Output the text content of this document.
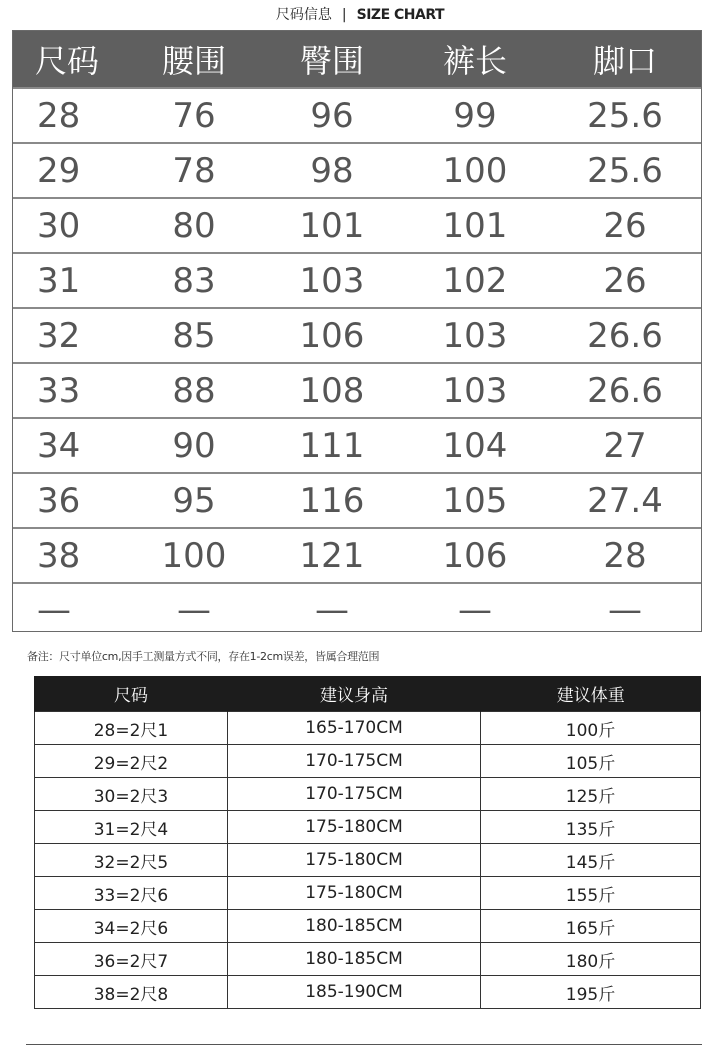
尺码信息 | SIZE CHART
尺码	腰围	臀围	裤长	脚口
28	76	96	99	25.6
29	78	98	100	25.6
30	80	101	101	26
31	83	103	102	26
32	85	106	103	26.6
33	88	108	103	26.6
34	90	111	104	27
36	95	116	105	27.4
38	100	121	106	28
—	—	—	—	—
备注：尺寸单位cm,因手工测量方式不同，存在1-2cm误差，皆属合理范围
尺码	建议身高	建议体重
28=2尺1	165-170CM	100斤
29=2尺2	170-175CM	105斤
30=2尺3	170-175CM	125斤
31=2尺4	175-180CM	135斤
32=2尺5	175-180CM	145斤
33=2尺6	175-180CM	155斤
34=2尺6	180-185CM	165斤
36=2尺7	180-185CM	180斤
38=2尺8	185-190CM	195斤
